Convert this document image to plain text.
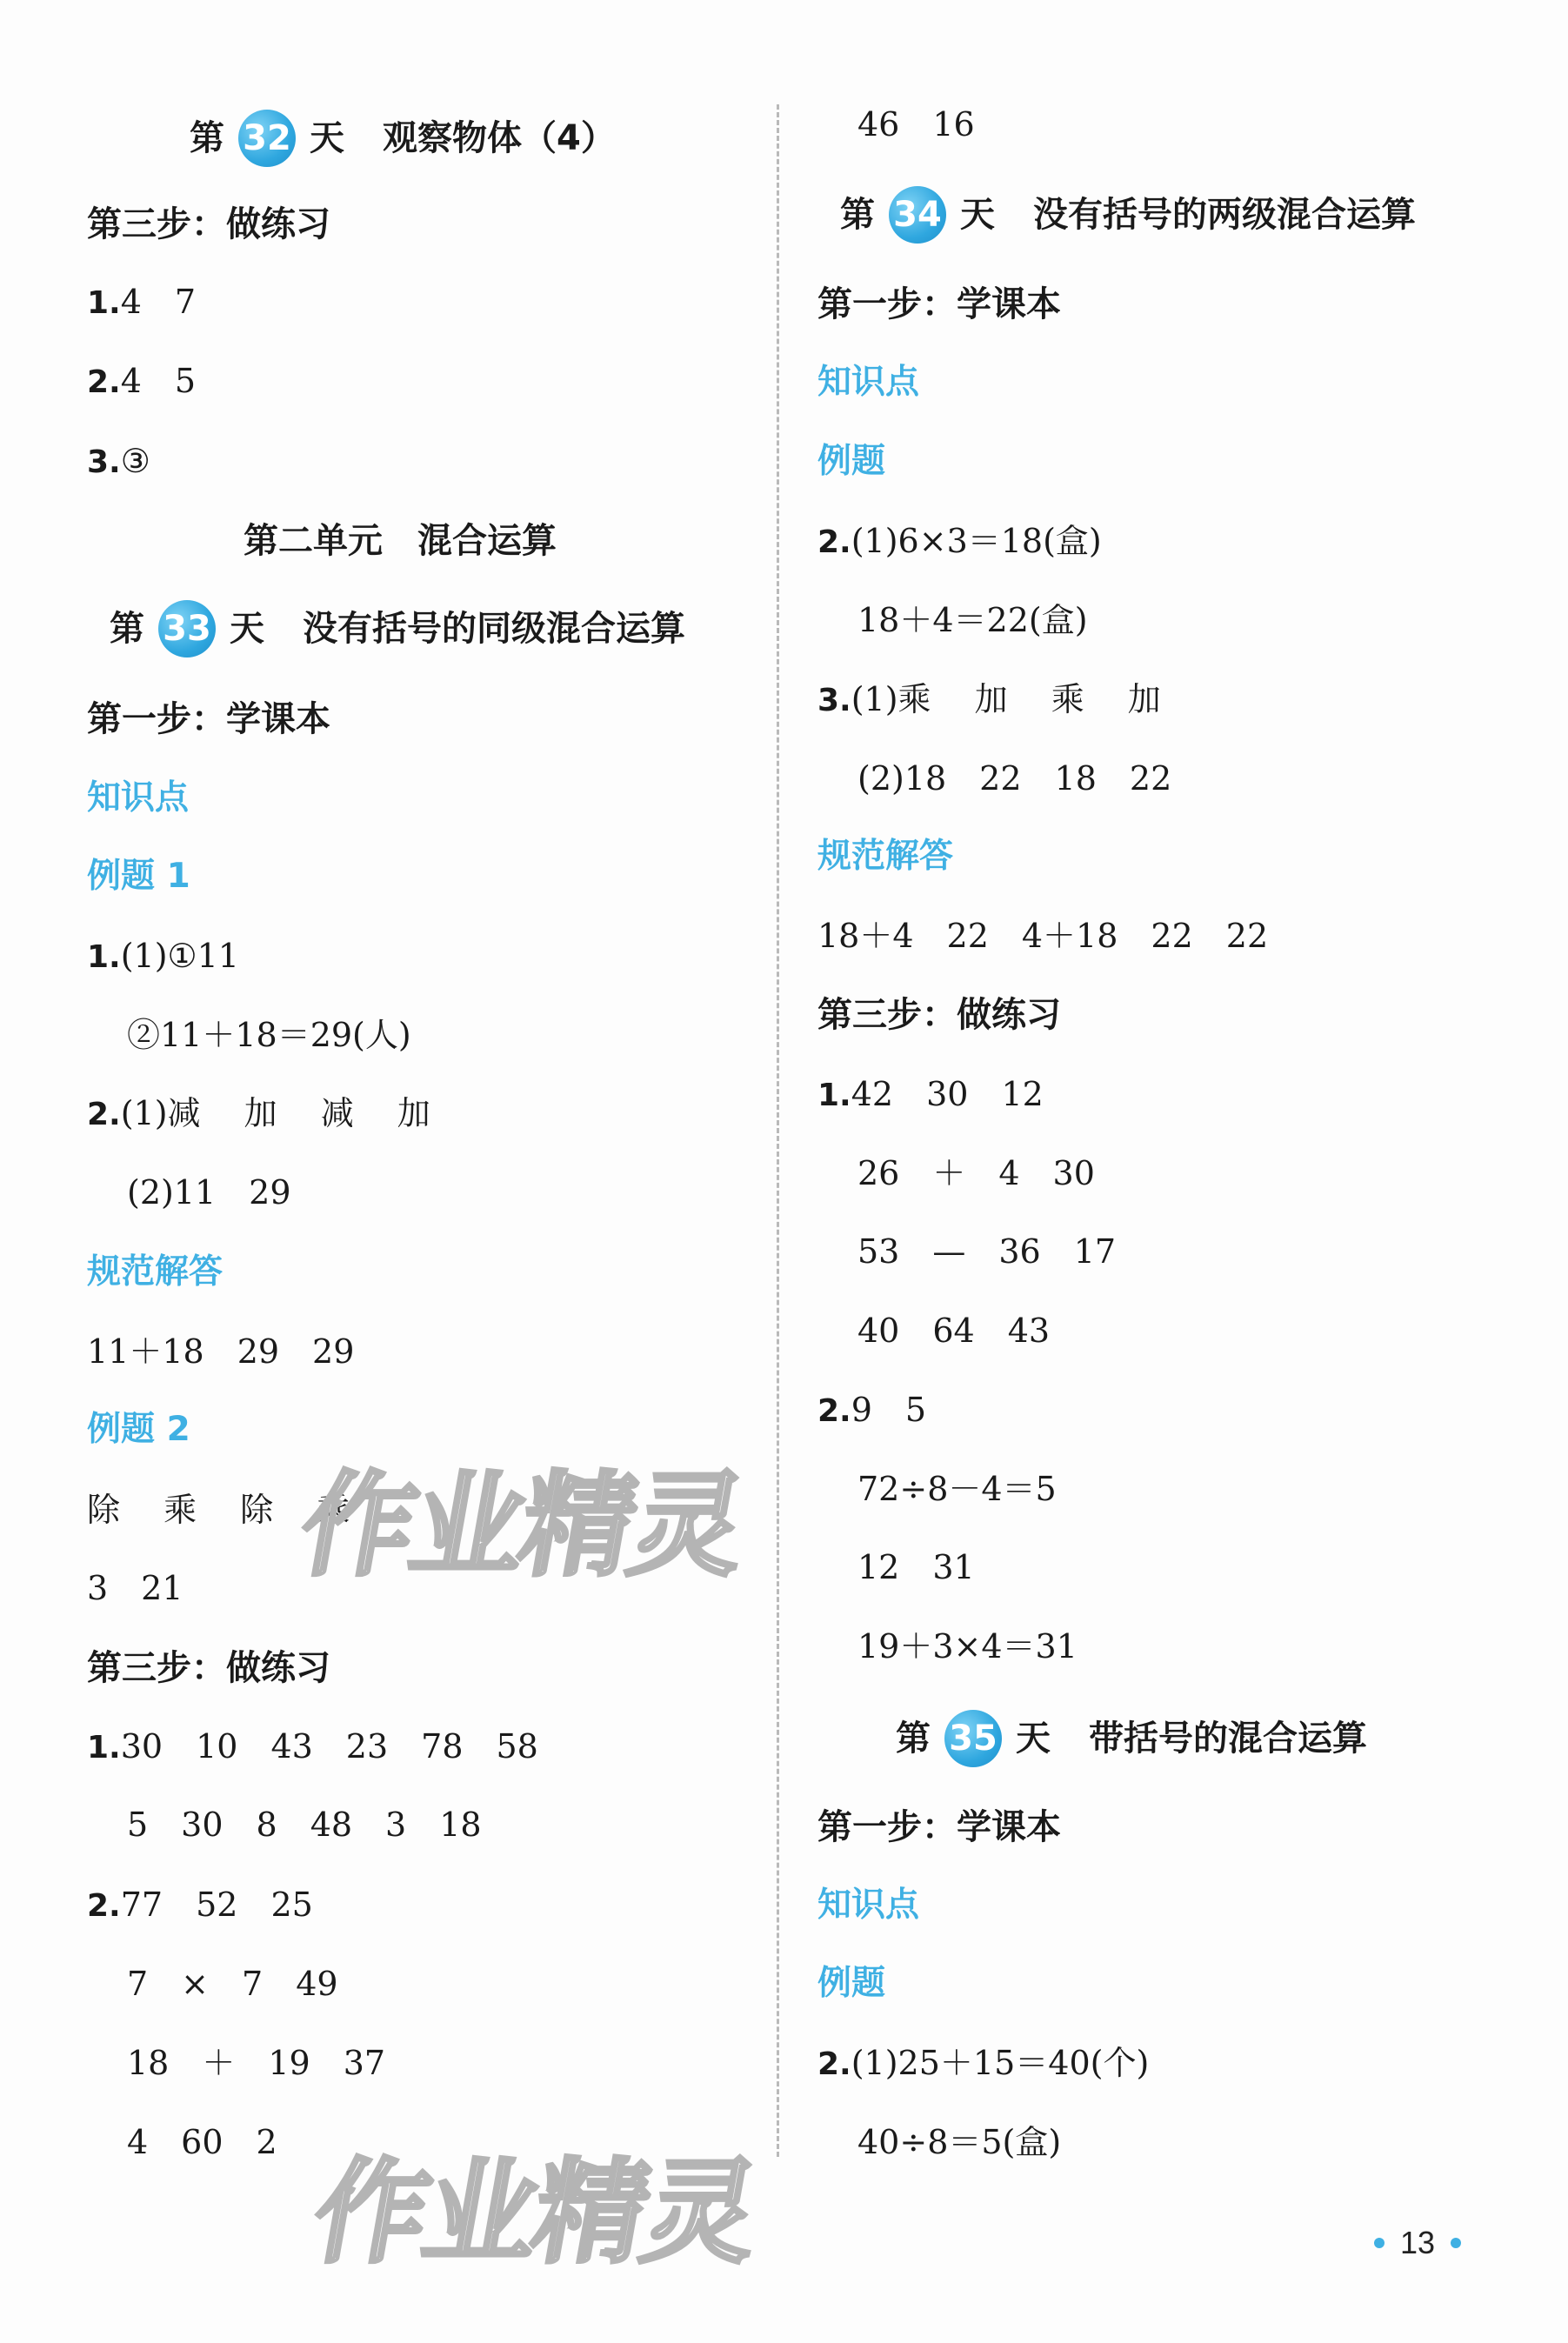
第 32 天 观察物体（4）
第三步：做练习
1.4　7
2.4　5
3.③
第二单元　混合运算
第 33 天 没有括号的同级混合运算
第一步：学课本
知识点
例题 1
1.(1)①11
②11＋18＝29(人)
2.(1)减　 加　 减　 加
(2)11　29
规范解答
11＋18　29　29
例题 2
除　 乘　 除　 乘
3　21
第三步：做练习
1.30　10　43　23　78　58
5　30　8　48　3　18
2.77　52　25
7　×　7　49
18　＋　19　37
4　60　2
46　16
第 34 天 没有括号的两级混合运算
第一步：学课本
知识点
例题
2.(1)6×3＝18(盒)
18＋4＝22(盒)
3.(1)乘　 加　 乘　 加
(2)18　22　18　22
规范解答
18＋4　22　4＋18　22　22
第三步：做练习
1.42　30　12
26　＋　4　30
53　—　36　17
40　64　43
2.9　5
72÷8－4＝5
12　31
19＋3×4＝31
第 35 天 带括号的混合运算
第一步：学课本
知识点
例题
2.(1)25＋15＝40(个)
40÷8＝5(盒)
作业精灵
作业精灵	13
